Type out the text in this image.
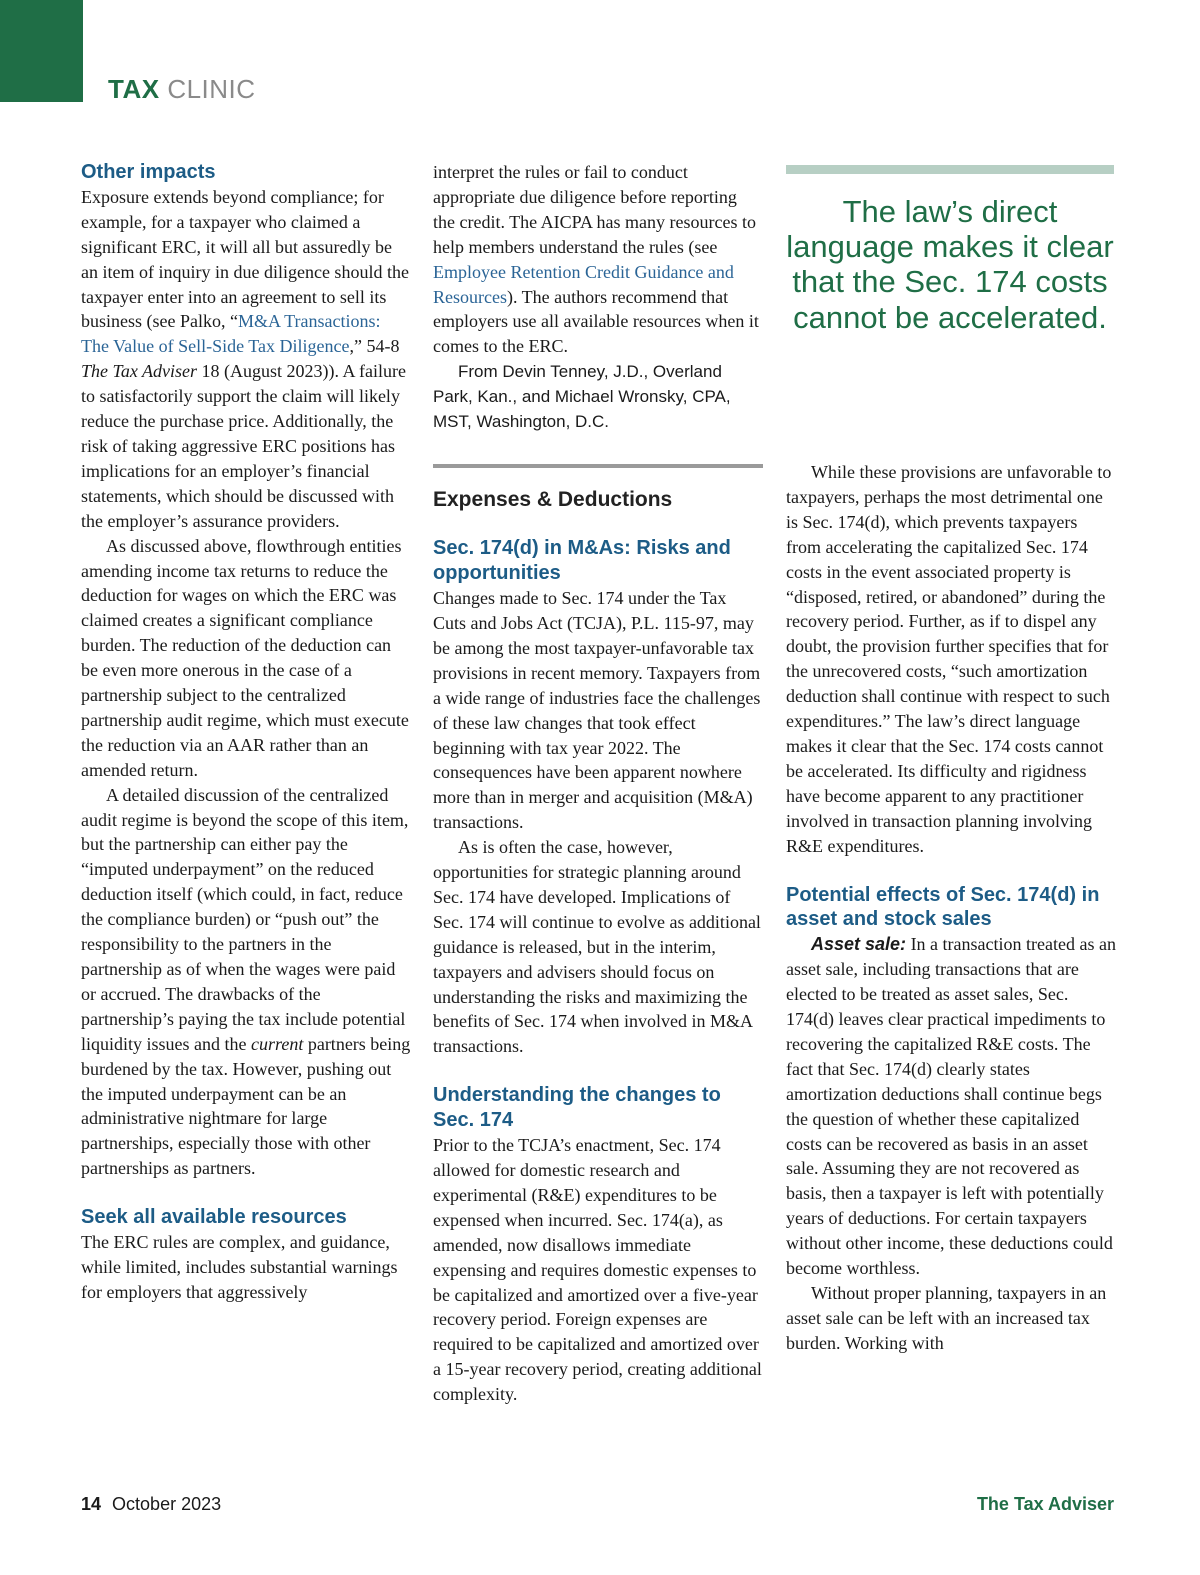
TAX CLINIC
Other impacts

Exposure extends beyond compliance; for example, for a taxpayer who claimed a significant ERC, it will all but assuredly be an item of inquiry in due diligence should the taxpayer enter into an agreement to sell its business (see Palko, “M&A Transactions: The Value of Sell-Side Tax Diligence,” 54-8 The Tax Adviser 18 (August 2023)). A failure to satisfactorily support the claim will likely reduce the purchase price. Additionally, the risk of taking aggressive ERC positions has implications for an employer’s financial statements, which should be discussed with the employer’s assurance providers.

As discussed above, flowthrough entities amending income tax returns to reduce the deduction for wages on which the ERC was claimed creates a significant compliance burden. The reduction of the deduction can be even more onerous in the case of a partnership subject to the centralized partnership audit regime, which must execute the reduction via an AAR rather than an amended return.

A detailed discussion of the centralized audit regime is beyond the scope of this item, but the partnership can either pay the “imputed underpayment” on the reduced deduction itself (which could, in fact, reduce the compliance burden) or “push out” the responsibility to the partners in the partnership as of when the wages were paid or accrued. The drawbacks of the partnership’s paying the tax include potential liquidity issues and the current partners being burdened by the tax. However, pushing out the imputed underpayment can be an administrative nightmare for large partnerships, especially those with other partnerships as partners.

Seek all available resources

The ERC rules are complex, and guidance, while limited, includes substantial warnings for employers that aggressively

interpret the rules or fail to conduct appropriate due diligence before reporting the credit. The AICPA has many resources to help members understand the rules (see Employee Retention Credit Guidance and Resources). The authors recommend that employers use all available resources when it comes to the ERC.

From Devin Tenney, J.D., Overland Park, Kan., and Michael Wronsky, CPA, MST, Washington, D.C.

Expenses & Deductions
Sec. 174(d) in M&As: Risks and opportunities

Changes made to Sec. 174 under the Tax Cuts and Jobs Act (TCJA), P.L. 115-97, may be among the most taxpayer-unfavorable tax provisions in recent memory. Taxpayers from a wide range of industries face the challenges of these law changes that took effect beginning with tax year 2022. The consequences have been apparent nowhere more than in merger and acquisition (M&A) transactions.

As is often the case, however, opportunities for strategic planning around Sec. 174 have developed. Implications of Sec. 174 will continue to evolve as additional guidance is released, but in the interim, taxpayers and advisers should focus on understanding the risks and maximizing the benefits of Sec. 174 when involved in M&A transactions.

Understanding the changes to Sec. 174

Prior to the TCJA’s enactment, Sec. 174 allowed for domestic research and experimental (R&E) expenditures to be expensed when incurred. Sec. 174(a), as amended, now disallows immediate expensing and requires domestic expenses to be capitalized and amortized over a five-year recovery period. Foreign expenses are required to be capitalized and amortized over a 15-year recovery period, creating additional complexity.

The law’s direct language makes it clear that the Sec. 174 costs cannot be accelerated.

While these provisions are unfavorable to taxpayers, perhaps the most detrimental one is Sec. 174(d), which prevents taxpayers from accelerating the capitalized Sec. 174 costs in the event associated property is “disposed, retired, or abandoned” during the recovery period. Further, as if to dispel any doubt, the provision further specifies that for the unrecovered costs, “such amortization deduction shall continue with respect to such expenditures.” The law’s direct language makes it clear that the Sec. 174 costs cannot be accelerated. Its difficulty and rigidness have become apparent to any practitioner involved in transaction planning involving R&E expenditures.

Potential effects of Sec. 174(d) in asset and stock sales

Asset sale: In a transaction treated as an asset sale, including transactions that are elected to be treated as asset sales, Sec. 174(d) leaves clear practical impediments to recovering the capitalized R&E costs. The fact that Sec. 174(d) clearly states amortization deductions shall continue begs the question of whether these capitalized costs can be recovered as basis in an asset sale. Assuming they are not recovered as basis, then a taxpayer is left with potentially years of deductions. For certain taxpayers without other income, these deductions could become worthless.

Without proper planning, taxpayers in an asset sale can be left with an increased tax burden. Working with

14 October 2023	The Tax Adviser
